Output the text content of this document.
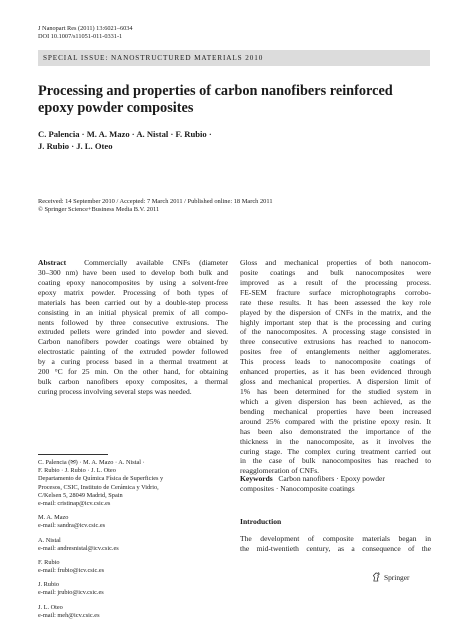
J Nanopart Res (2011) 13:6021–6034
DOI 10.1007/s11051-011-0331-1
SPECIAL ISSUE: NANOSTRUCTURED MATERIALS 2010
Processing and properties of carbon nanofibers reinforced
epoxy powder composites
C. Palencia · M. A. Mazo · A. Nistal · F. Rubio ·
J. Rubio · J. L. Oteo
Received: 14 September 2010 / Accepted: 7 March 2011 / Published online: 18 March 2011
© Springer Science+Business Media B.V. 2011
Abstract Commercially available CNFs (diameter
30–300 nm) have been used to develop both bulk and
coating epoxy nanocomposites by using a solvent-free
epoxy matrix powder. Processing of both types of
materials has been carried out by a double-step process
consisting in an initial physical premix of all compo-
nents followed by three consecutive extrusions. The
extruded pellets were grinded into powder and sieved.
Carbon nanofibers powder coatings were obtained by
electrostatic painting of the extruded powder followed
by a curing process based in a thermal treatment at
200 °C for 25 min. On the other hand, for obtaining
bulk carbon nanofibers epoxy composites, a thermal
curing process involving several steps was needed.
Gloss and mechanical properties of both nanocom-
posite coatings and bulk nanocomposites were
improved as a result of the processing process.
FE-SEM fracture surface microphotographs corrobo-
rate these results. It has been assessed the key role
played by the dispersion of CNFs in the matrix, and the
highly important step that is the processing and curing
of the nanocomposites. A processing stage consisted in
three consecutive extrusions has reached to nanocom-
posites free of entanglements neither agglomerates.
This process leads to nanocomposite coatings of
enhanced properties, as it has been evidenced through
gloss and mechanical properties. A dispersion limit of
1% has been determined for the studied system in
which a given dispersion has been achieved, as the
bending mechanical properties have been increased
around 25% compared with the pristine epoxy resin. It
has been also demonstrated the importance of the
thickness in the nanocomposite, as it involves the
curing stage. The complex curing treatment carried out
in the case of bulk nanocomposites has reached to
reagglomeration of CNFs.
C. Palencia (✉) · M. A. Mazo · A. Nistal ·
F. Rubio · J. Rubio · J. L. Oteo
Departamento de Química Física de Superficies y
Procesos, CSIC, Instituto de Cerámica y Vidrio,
C/Kelsen 5, 28049 Madrid, Spain
e-mail: cristinap@icv.csic.es
M. A. Mazo
e-mail: sandra@icv.csic.es
A. Nistal
e-mail: andresnistal@icv.csic.es
F. Rubio
e-mail: frubio@icv.csic.es
J. Rubio
e-mail: jrubio@icv.csic.es
J. L. Oteo
e-mail: meh@icv.csic.es
Keywords Carbon nanofibers · Epoxy powder
composites · Nanocomposite coatings
Introduction
The development of composite materials began in
the mid-twentieth century, as a consequence of the
Springer
